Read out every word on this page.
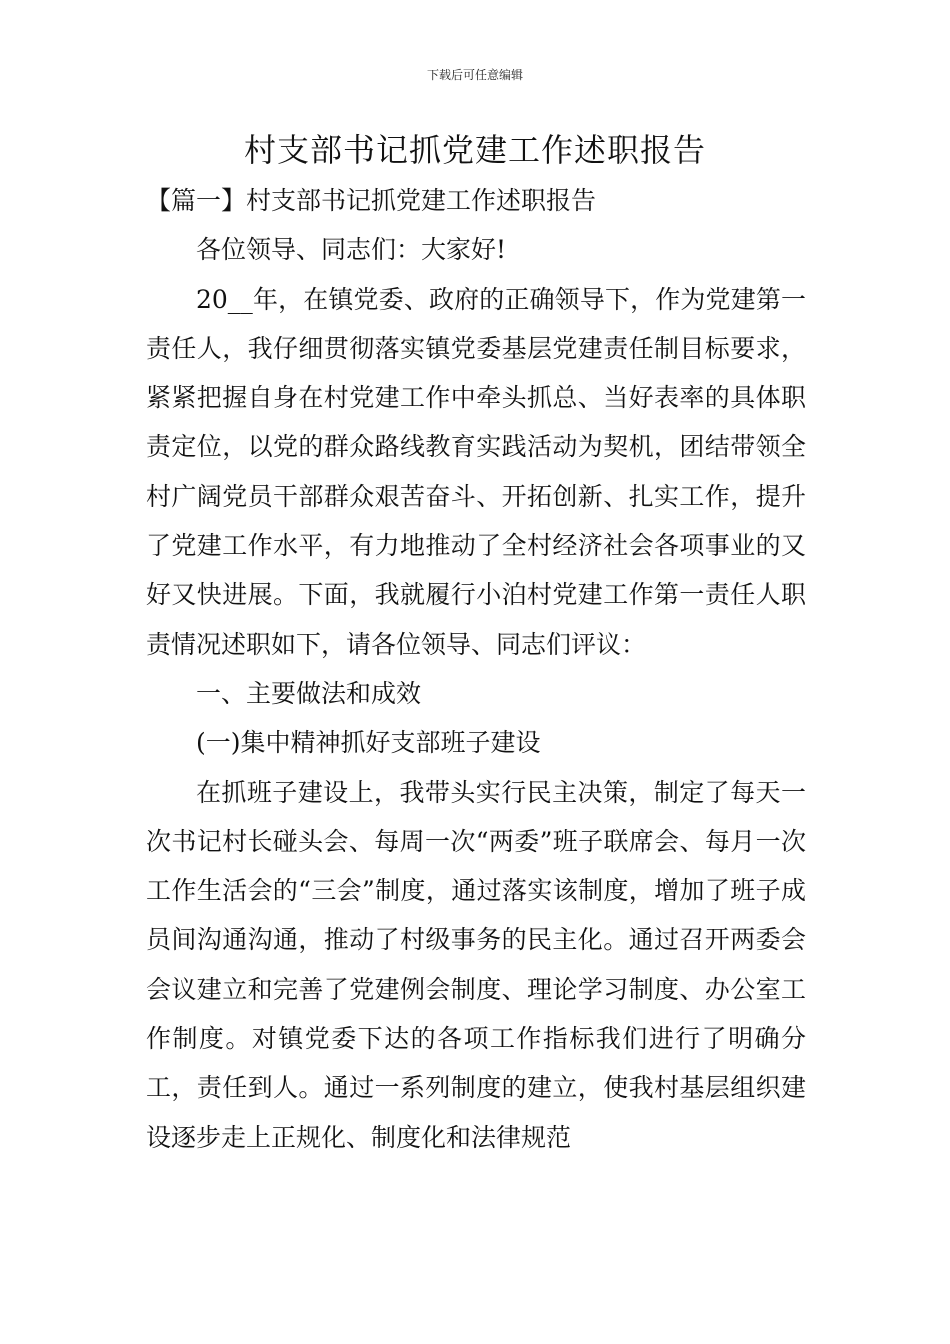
下载后可任意编辑
村支部书记抓党建工作述职报告

【篇一】村支部书记抓党建工作述职报告

各位领导、同志们：大家好!

20__年，在镇党委、政府的正确领导下，作为党建第一责任人，我仔细贯彻落实镇党委基层党建责任制目标要求，紧紧把握自身在村党建工作中牵头抓总、当好表率的具体职责定位，以党的群众路线教育实践活动为契机，团结带领全村广阔党员干部群众艰苦奋斗、开拓创新、扎实工作，提升了党建工作水平，有力地推动了全村经济社会各项事业的又好又快进展。下面，我就履行小泊村党建工作第一责任人职责情况述职如下，请各位领导、同志们评议：

一、主要做法和成效

(一)集中精神抓好支部班子建设

在抓班子建设上，我带头实行民主决策，制定了每天一次书记村长碰头会、每周一次“两委”班子联席会、每月一次工作生活会的“三会”制度，通过落实该制度，增加了班子成员间沟通沟通，推动了村级事务的民主化。通过召开两委会会议建立和完善了党建例会制度、理论学习制度、办公室工作制度。对镇党委下达的各项工作指标我们进行了明确分工，责任到人。通过一系列制度的建立，使我村基层组织建设逐步走上正规化、制度化和法律规范
